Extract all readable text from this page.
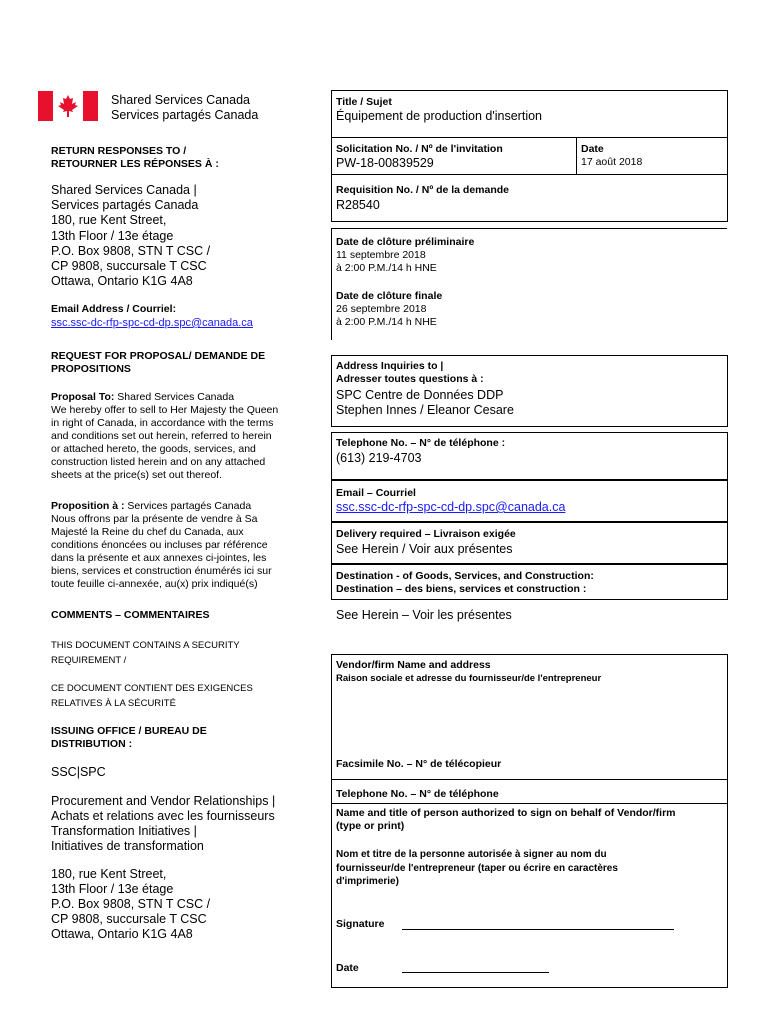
Shared Services Canada
Services partagés Canada
RETURN RESPONSES TO /
RETOURNER LES RÉPONSES À :
Shared Services Canada |
Services partagés Canada
180, rue Kent Street,
13th Floor / 13e étage
P.O. Box 9808, STN T CSC /
CP 9808, succursale T CSC
Ottawa, Ontario K1G 4A8
Email Address / Courriel:
ssc.ssc-dc-rfp-spc-cd-dp.spc@canada.ca
REQUEST FOR PROPOSAL/ DEMANDE DE
PROPOSITIONS
Proposal To: Shared Services Canada
We hereby offer to sell to Her Majesty the Queen
in right of Canada, in accordance with the terms
and conditions set out herein, referred to herein
or attached hereto, the goods, services, and
construction listed herein and on any attached
sheets at the price(s) set out thereof.
Proposition à : Services partagés Canada
Nous offrons par la présente de vendre à Sa
Majesté la Reine du chef du Canada, aux
conditions énoncées ou incluses par référence
dans la présente et aux annexes ci-jointes, les
biens, services et construction énumérés ici sur
toute feuille ci-annexée, au(x) prix indiqué(s)
COMMENTS – COMMENTAIRES
THIS DOCUMENT CONTAINS A SECURITY
REQUIREMENT /
CE DOCUMENT CONTIENT DES EXIGENCES
RELATIVES À LA SÉCURITÉ
ISSUING OFFICE / BUREAU DE
DISTRIBUTION :
SSC|SPC
Procurement and Vendor Relationships |
Achats et relations avec les fournisseurs
Transformation Initiatives |
Initiatives de transformation
180, rue Kent Street,
13th Floor / 13e étage
P.O. Box 9808, STN T CSC /
CP 9808, succursale T CSC
Ottawa, Ontario K1G 4A8
Title / Sujet
Équipement de production d'insertion
Solicitation No. / Nº de l'invitation
PW-18-00839529
Date
17 août 2018
Requisition No. / Nº de la demande
R28540
Date de clôture préliminaire
11 septembre 2018
à 2:00 P.M./14 h HNE
Date de clôture finale
26 septembre 2018
à 2:00 P.M./14 h NHE
Address Inquiries to |
Adresser toutes questions à :
SPC Centre de Données DDP
Stephen Innes / Eleanor Cesare
Telephone No. – N° de téléphone :
(613) 219-4703
Email – Courriel
ssc.ssc-dc-rfp-spc-cd-dp.spc@canada.ca
Delivery required – Livraison exigée
See Herein / Voir aux présentes
Destination - of Goods, Services, and Construction:
Destination – des biens, services et construction :
See Herein – Voir les présentes
Vendor/firm Name and address
Raison sociale et adresse du fournisseur/de l'entrepreneur
Facsimile No. – N° de télécopieur
Telephone No. – N° de téléphone
Name and title of person authorized to sign on behalf of Vendor/firm
(type or print)
Nom et titre de la personne autorisée à signer au nom du
fournisseur/de l'entrepreneur (taper ou écrire en caractères
d'imprimerie)
Signature
Date
